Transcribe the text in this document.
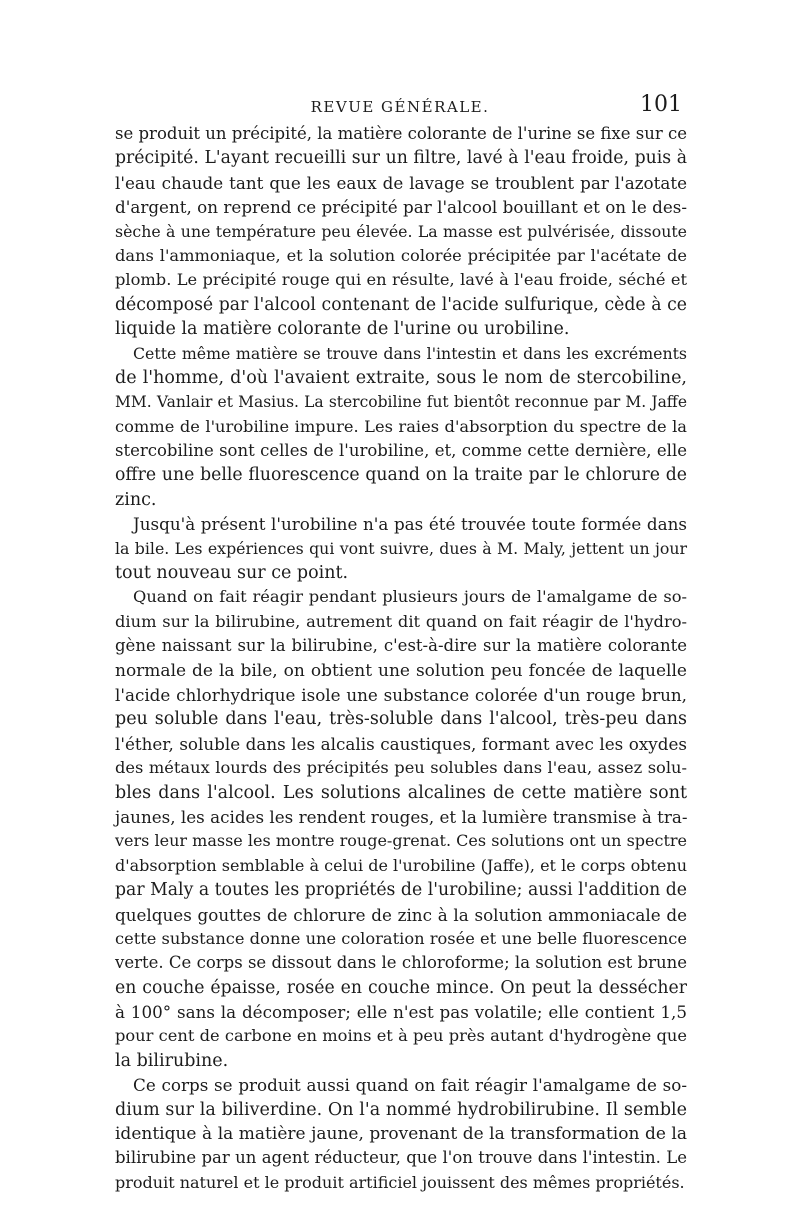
REVUE GÉNÉRALE.	101
se produit un précipité, la matière colorante de l'urine se fixe sur ce
précipité. L'ayant recueilli sur un filtre, lavé à l'eau froide, puis à
l'eau chaude tant que les eaux de lavage se troublent par l'azotate
d'argent, on reprend ce précipité par l'alcool bouillant et on le des-
sèche à une température peu élevée. La masse est pulvérisée, dissoute
dans l'ammoniaque, et la solution colorée précipitée par l'acétate de
plomb. Le précipité rouge qui en résulte, lavé à l'eau froide, séché et
décomposé par l'alcool contenant de l'acide sulfurique, cède à ce
liquide la matière colorante de l'urine ou urobiline.
Cette même matière se trouve dans l'intestin et dans les excréments
de l'homme, d'où l'avaient extraite, sous le nom de stercobiline,
MM. Vanlair et Masius. La stercobiline fut bientôt reconnue par M. Jaffe
comme de l'urobiline impure. Les raies d'absorption du spectre de la
stercobiline sont celles de l'urobiline, et, comme cette dernière, elle
offre une belle fluorescence quand on la traite par le chlorure de
zinc.
Jusqu'à présent l'urobiline n'a pas été trouvée toute formée dans
la bile. Les expériences qui vont suivre, dues à M. Maly, jettent un jour
tout nouveau sur ce point.
Quand on fait réagir pendant plusieurs jours de l'amalgame de so-
dium sur la bilirubine, autrement dit quand on fait réagir de l'hydro-
gène naissant sur la bilirubine, c'est-à-dire sur la matière colorante
normale de la bile, on obtient une solution peu foncée de laquelle
l'acide chlorhydrique isole une substance colorée d'un rouge brun,
peu soluble dans l'eau, très-soluble dans l'alcool, très-peu dans
l'éther, soluble dans les alcalis caustiques, formant avec les oxydes
des métaux lourds des précipités peu solubles dans l'eau, assez solu-
bles dans l'alcool. Les solutions alcalines de cette matière sont
jaunes, les acides les rendent rouges, et la lumière transmise à tra-
vers leur masse les montre rouge-grenat. Ces solutions ont un spectre
d'absorption semblable à celui de l'urobiline (Jaffe), et le corps obtenu
par Maly a toutes les propriétés de l'urobiline; aussi l'addition de
quelques gouttes de chlorure de zinc à la solution ammoniacale de
cette substance donne une coloration rosée et une belle fluorescence
verte. Ce corps se dissout dans le chloroforme; la solution est brune
en couche épaisse, rosée en couche mince. On peut la dessécher
à 100° sans la décomposer; elle n'est pas volatile; elle contient 1,5
pour cent de carbone en moins et à peu près autant d'hydrogène que
la bilirubine.
Ce corps se produit aussi quand on fait réagir l'amalgame de so-
dium sur la biliverdine. On l'a nommé hydrobilirubine. Il semble
identique à la matière jaune, provenant de la transformation de la
bilirubine par un agent réducteur, que l'on trouve dans l'intestin. Le
produit naturel et le produit artificiel jouissent des mêmes propriétés.
